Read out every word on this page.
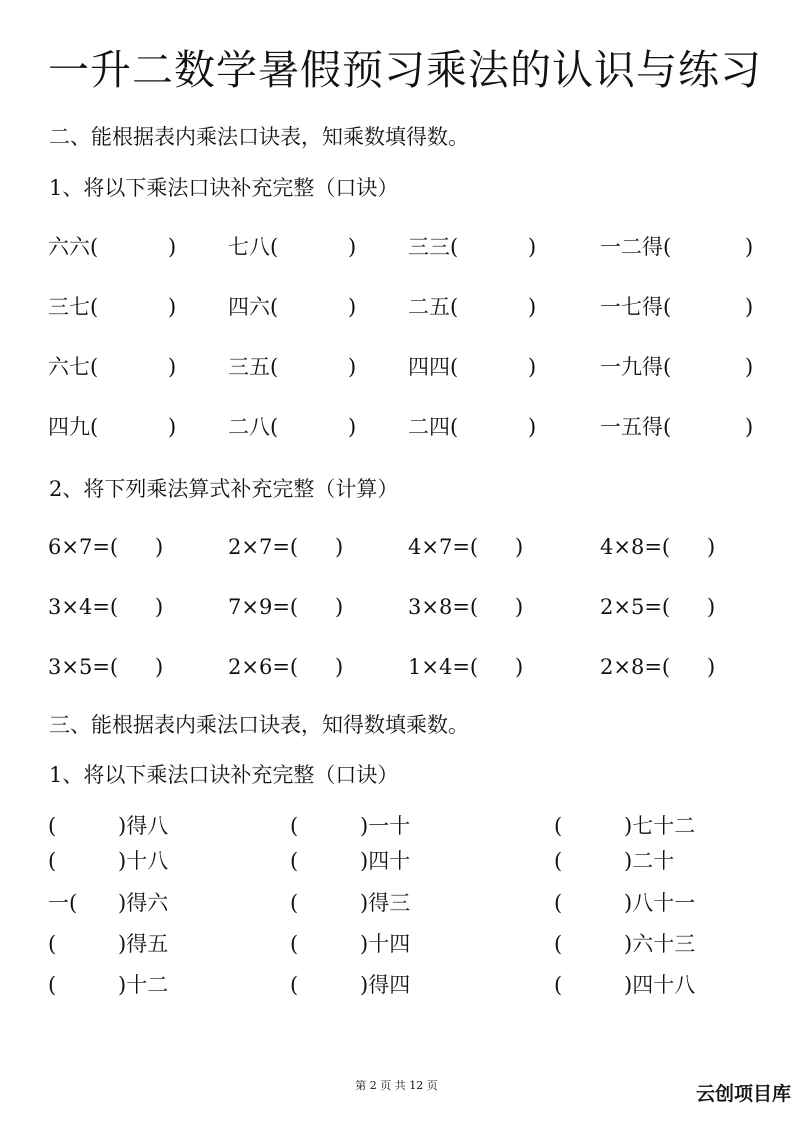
一升二数学暑假预习乘法的认识与练习
二、能根据表内乘法口诀表，知乘数填得数。
1、将以下乘法口诀补充完整（口诀）
六六(	) 七八(	) 三三(	)	一二得(	)
三七(	) 四六(	) 二五(	)	一七得(	)
六七(	) 三五(	) 四四(	)	一九得(	)
四九(	) 二八(	) 二四(	)	一五得(	)
2、将下列乘法算式补充完整（计算）
6×7=( )	2×7=( )	4×7=( )	4×8=( )
3×4=( )	7×9=( )	3×8=( )	2×5=( )
3×5=( )	2×6=( )	1×4=( )	2×8=( )
三、能根据表内乘法口诀表，知得数填乘数。
1、将以下乘法口诀补充完整（口诀）
(	)得八	(	)一十	(	)七十二
(	)十八	(	)四十	(	)二十
一( )得六	(	)得三	(	)八十一
(	)得五	(	)十四	(	)六十三
(	)十二	(	)得四	(	)四十八
第 2 页 共 12 页	云创项目库
